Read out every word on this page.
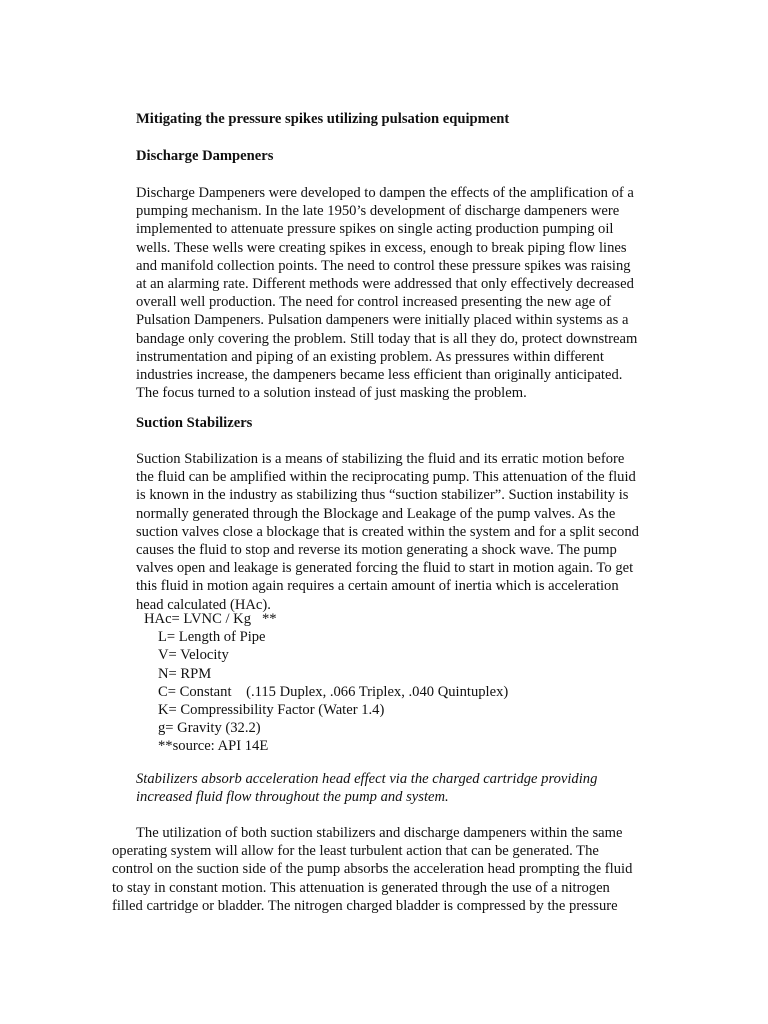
Mitigating the pressure spikes utilizing pulsation equipment

Discharge Dampeners

Discharge Dampeners were developed to dampen the effects of the amplification of a pumping mechanism. In the late 1950’s development of discharge dampeners were implemented to attenuate pressure spikes on single acting production pumping oil wells. These wells were creating spikes in excess, enough to break piping flow lines and manifold collection points. The need to control these pressure spikes was raising at an alarming rate. Different methods were addressed that only effectively decreased overall well production. The need for control increased presenting the new age of Pulsation Dampeners. Pulsation dampeners were initially placed within systems as a bandage only covering the problem. Still today that is all they do, protect downstream instrumentation and piping of an existing problem. As pressures within different industries increase, the dampeners became less efficient than originally anticipated. The focus turned to a solution instead of just masking the problem.

Suction Stabilizers

Suction Stabilization is a means of stabilizing the fluid and its erratic motion before the fluid can be amplified within the reciprocating pump. This attenuation of the fluid is known in the industry as stabilizing thus “suction stabilizer”. Suction instability is normally generated through the Blockage and Leakage of the pump valves. As the suction valves close a blockage that is created within the system and for a split second causes the fluid to stop and reverse its motion generating a shock wave. The pump valves open and leakage is generated forcing the fluid to start in motion again. To get this fluid in motion again requires a certain amount of inertia which is acceleration head calculated (HAc).

HAc= LVNC / Kg   **
L= Length of Pipe
V= Velocity
N= RPM
C= Constant    (.115 Duplex, .066 Triplex, .040 Quintuplex)
K= Compressibility Factor (Water 1.4)
g= Gravity (32.2)
**source: API 14E

Stabilizers absorb acceleration head effect via the charged cartridge providing increased fluid flow throughout the pump and system.

The utilization of both suction stabilizers and discharge dampeners within the same operating system will allow for the least turbulent action that can be generated. The control on the suction side of the pump absorbs the acceleration head prompting the fluid to stay in constant motion. This attenuation is generated through the use of a nitrogen filled cartridge or bladder. The nitrogen charged bladder is compressed by the pressure
